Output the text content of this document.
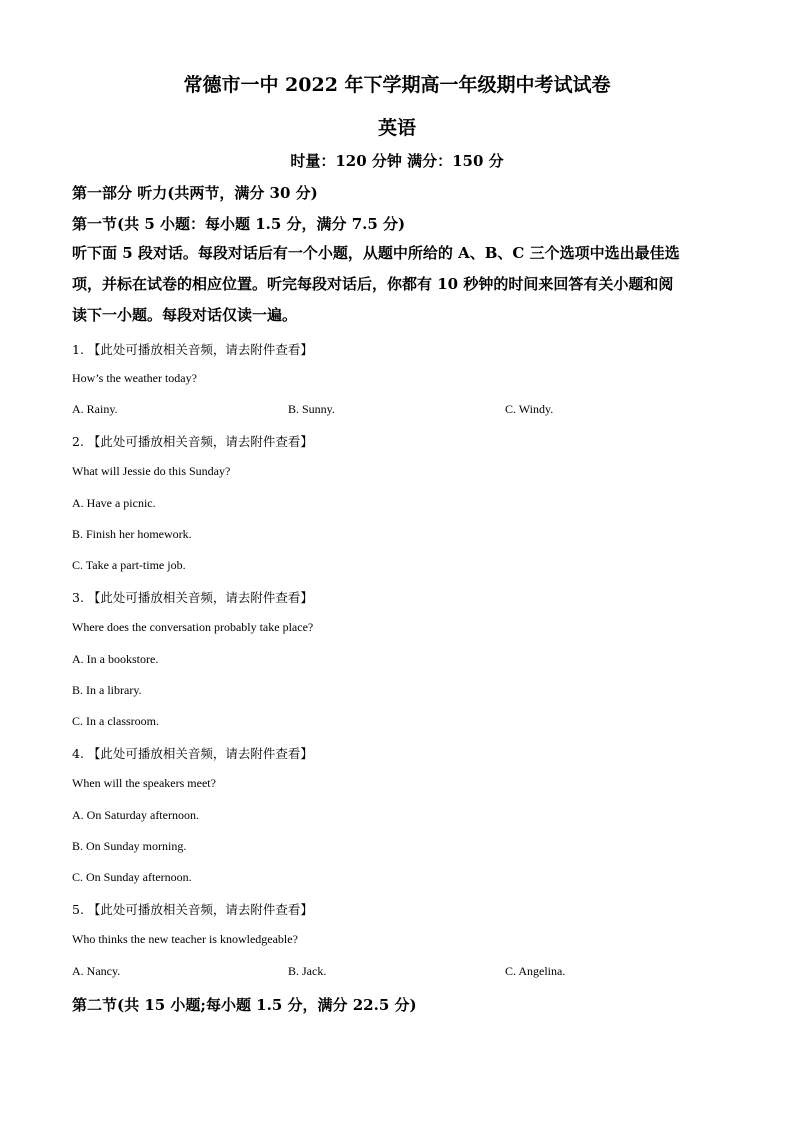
常德市一中 2022 年下学期高一年级期中考试试卷
英语
时量：120 分钟 满分：150 分
第一部分 听力(共两节，满分 30 分)
第一节(共 5 小题：每小题 1.5 分，满分 7.5 分)
听下面 5 段对话。每段对话后有一个小题，从题中所给的 A、B、C 三个选项中选出最佳选
项，并标在试卷的相应位置。听完每段对话后，你都有 10 秒钟的时间来回答有关小题和阅
读下一小题。每段对话仅读一遍。
1. 【此处可播放相关音频，请去附件查看】
How’s the weather today?
A. Rainy.	B. Sunny.	C. Windy.
2. 【此处可播放相关音频，请去附件查看】
What will Jessie do this Sunday?
A. Have a picnic.
B. Finish her homework.
C. Take a part-time job.
3. 【此处可播放相关音频，请去附件查看】
Where does the conversation probably take place?
A. In a bookstore.
B. In a library.
C. In a classroom.
4. 【此处可播放相关音频，请去附件查看】
When will the speakers meet?
A. On Saturday afternoon.
B. On Sunday morning.
C. On Sunday afternoon.
5. 【此处可播放相关音频，请去附件查看】
Who thinks the new teacher is knowledgeable?
A. Nancy.	B. Jack.	C. Angelina.
第二节(共 15 小题;每小题 1.5 分，满分 22.5 分)
